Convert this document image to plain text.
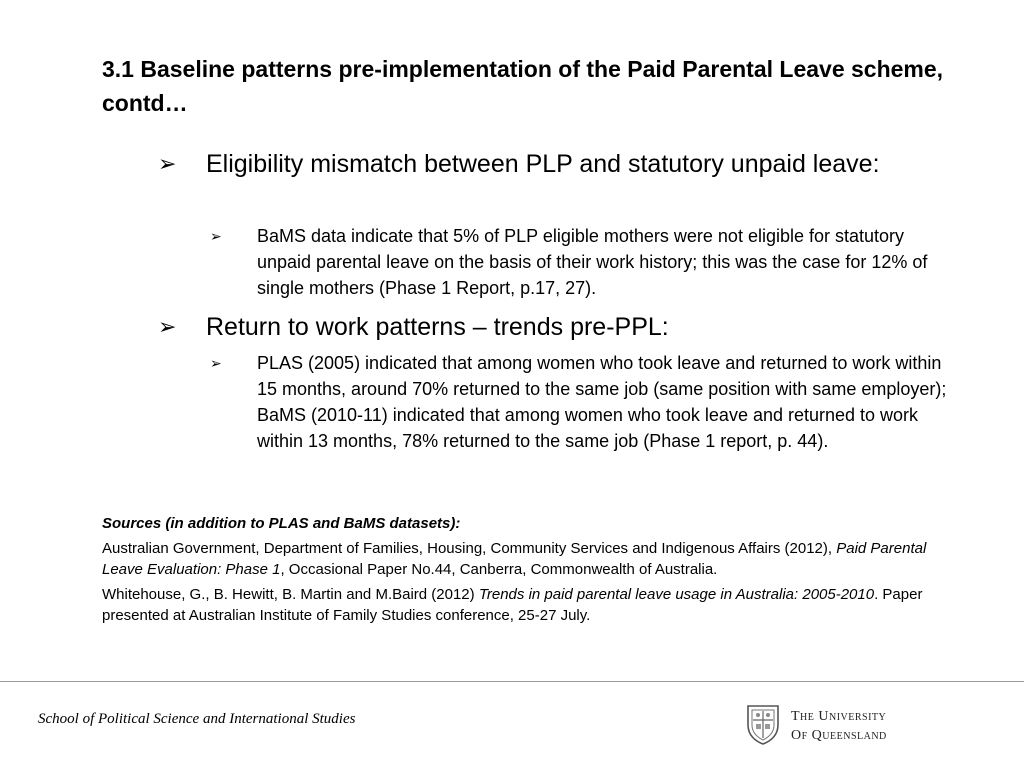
3.1 Baseline patterns pre-implementation of the Paid Parental Leave scheme, contd…
➢ Eligibility mismatch between PLP and statutory unpaid leave:
➢ BaMS data indicate that 5% of PLP eligible mothers were not eligible for statutory unpaid parental leave on the basis of their work history; this was the case for 12% of single mothers (Phase 1 Report, p.17, 27).
➢ Return to work patterns – trends pre-PPL:
➢ PLAS (2005) indicated that among women who took leave and returned to work within 15 months, around 70% returned to the same job (same position with same employer); BaMS (2010-11) indicated that among women who took leave and returned to work within 13 months, 78% returned to the same job (Phase 1 report, p. 44).

Sources (in addition to PLAS and BaMS datasets):

Australian Government, Department of Families, Housing, Community Services and Indigenous Affairs (2012), Paid Parental Leave Evaluation: Phase 1, Occasional Paper No.44, Canberra, Commonwealth of Australia.

Whitehouse, G., B. Hewitt, B. Martin and M.Baird (2012) Trends in paid parental leave usage in Australia: 2005-2010. Paper presented at Australian Institute of Family Studies conference, 25-27 July.

School of Political Science and International Studies	The University
Of Queensland
